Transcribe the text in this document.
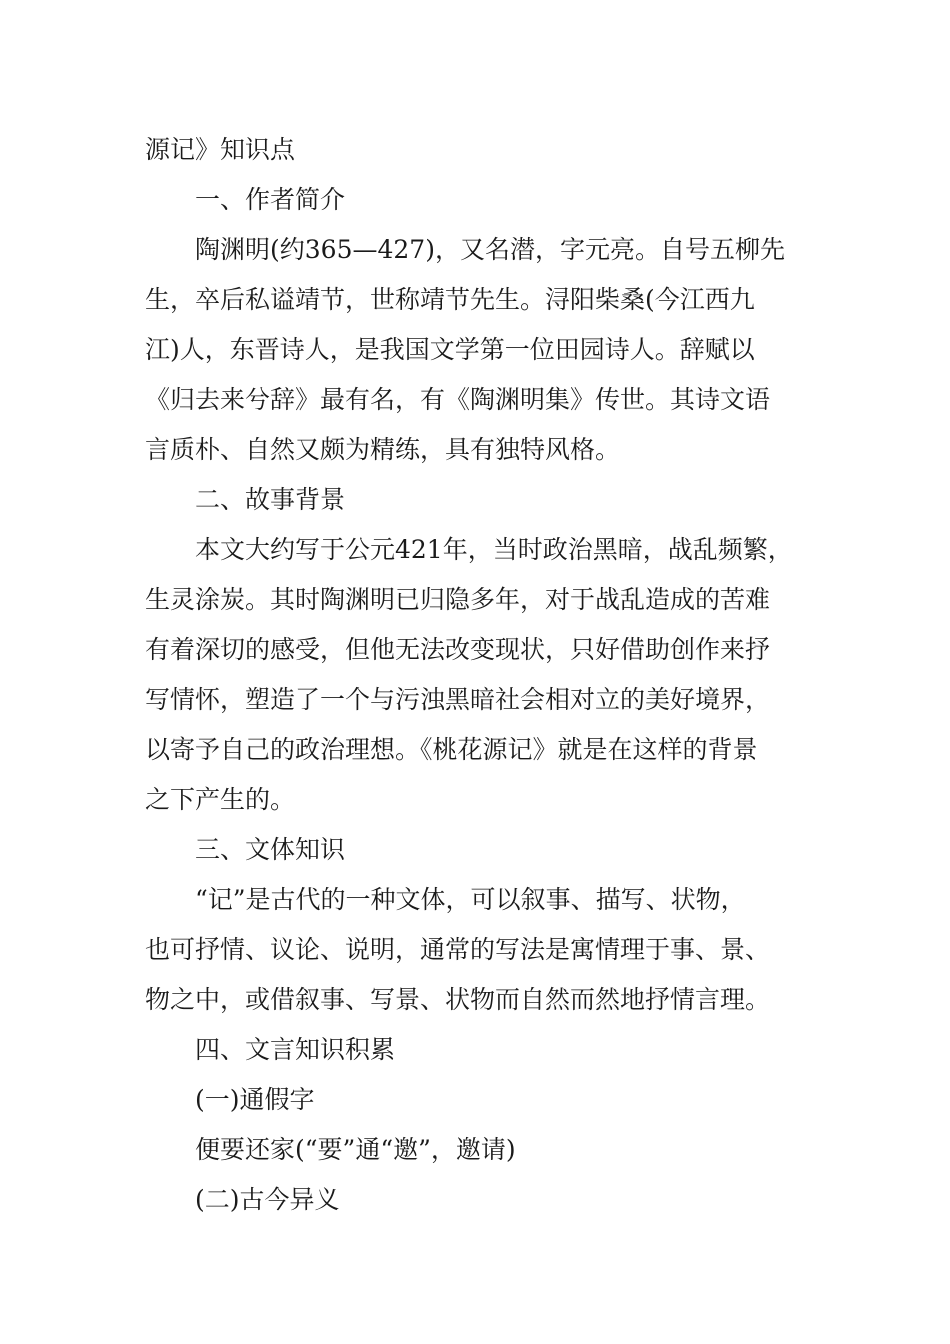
源记》知识点
一、作者简介
陶渊明(约365—427)，又名潜，字元亮。自号五柳先
生，卒后私谥靖节，世称靖节先生。浔阳柴桑(今江西九
江)人，东晋诗人，是我国文学第一位田园诗人。辞赋以
《归去来兮辞》最有名，有《陶渊明集》传世。其诗文语
言质朴、自然又颇为精练，具有独特风格。
二、故事背景
本文大约写于公元421年，当时政治黑暗，战乱频繁，
生灵涂炭。其时陶渊明已归隐多年，对于战乱造成的苦难
有着深切的感受，但他无法改变现状，只好借助创作来抒
写情怀，塑造了一个与污浊黑暗社会相对立的美好境界，
以寄予自己的政治理想。《桃花源记》就是在这样的背景
之下产生的。
三、文体知识
“记”是古代的一种文体，可以叙事、描写、状物，
也可抒情、议论、说明，通常的写法是寓情理于事、景、
物之中，或借叙事、写景、状物而自然而然地抒情言理。
四、文言知识积累
(一)通假字
便要还家(“要”通“邀”，邀请)
(二)古今异义
